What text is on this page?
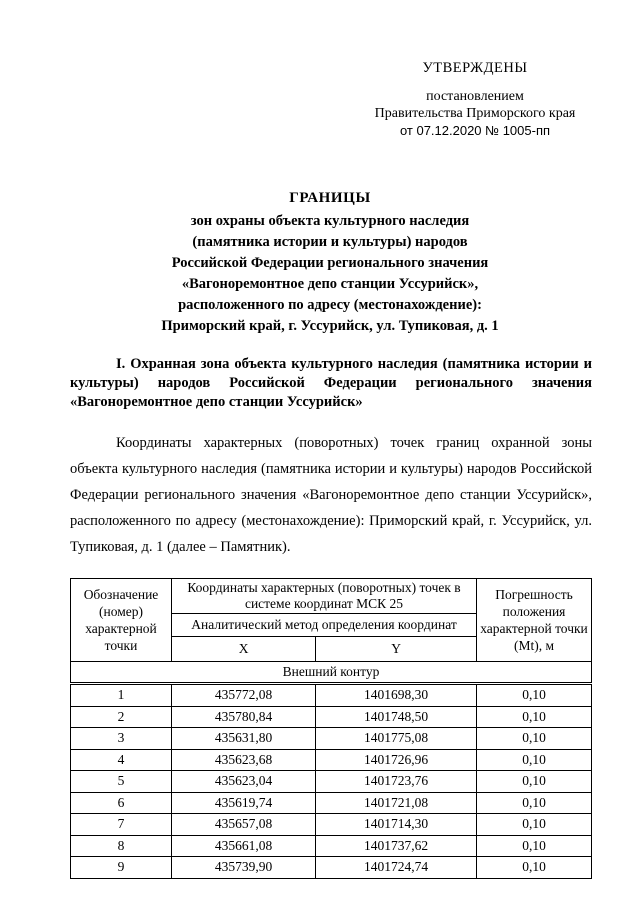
УТВЕРЖДЕНЫ
постановлением
Правительства Приморского края
от 07.12.2020 № 1005-пп
ГРАНИЦЫ
зон охраны объекта культурного наследия
(памятника истории и культуры) народов
Российской Федерации регионального значения
«Вагоноремонтное депо станции Уссурийск»,
расположенного по адресу (местонахождение):
Приморский край, г. Уссурийск, ул. Тупиковая, д. 1
I. Охранная зона объекта культурного наследия (памятника истории и культуры) народов Российской Федерации регионального значения «Вагоноремонтное депо станции Уссурийск»
Координаты характерных (поворотных) точек границ охранной зоны объекта культурного наследия (памятника истории и культуры) народов Российской Федерации регионального значения «Вагоноремонтное депо станции Уссурийск», расположенного по адресу (местонахождение): Приморский край, г. Уссурийск, ул. Тупиковая, д. 1 (далее – Памятник).
Обозначение (номер) характерной точки	Координаты характерных (поворотных) точек в системе координат МСК 25		Погрешность положения характерной точки (Mt), м
	Аналитический метод определения координат		
	X	Y	
Внешний контур			
1	435772,08	1401698,30	0,10
2	435780,84	1401748,50	0,10
3	435631,80	1401775,08	0,10
4	435623,68	1401726,96	0,10
5	435623,04	1401723,76	0,10
6	435619,74	1401721,08	0,10
7	435657,08	1401714,30	0,10
8	435661,08	1401737,62	0,10
9	435739,90	1401724,74	0,10
